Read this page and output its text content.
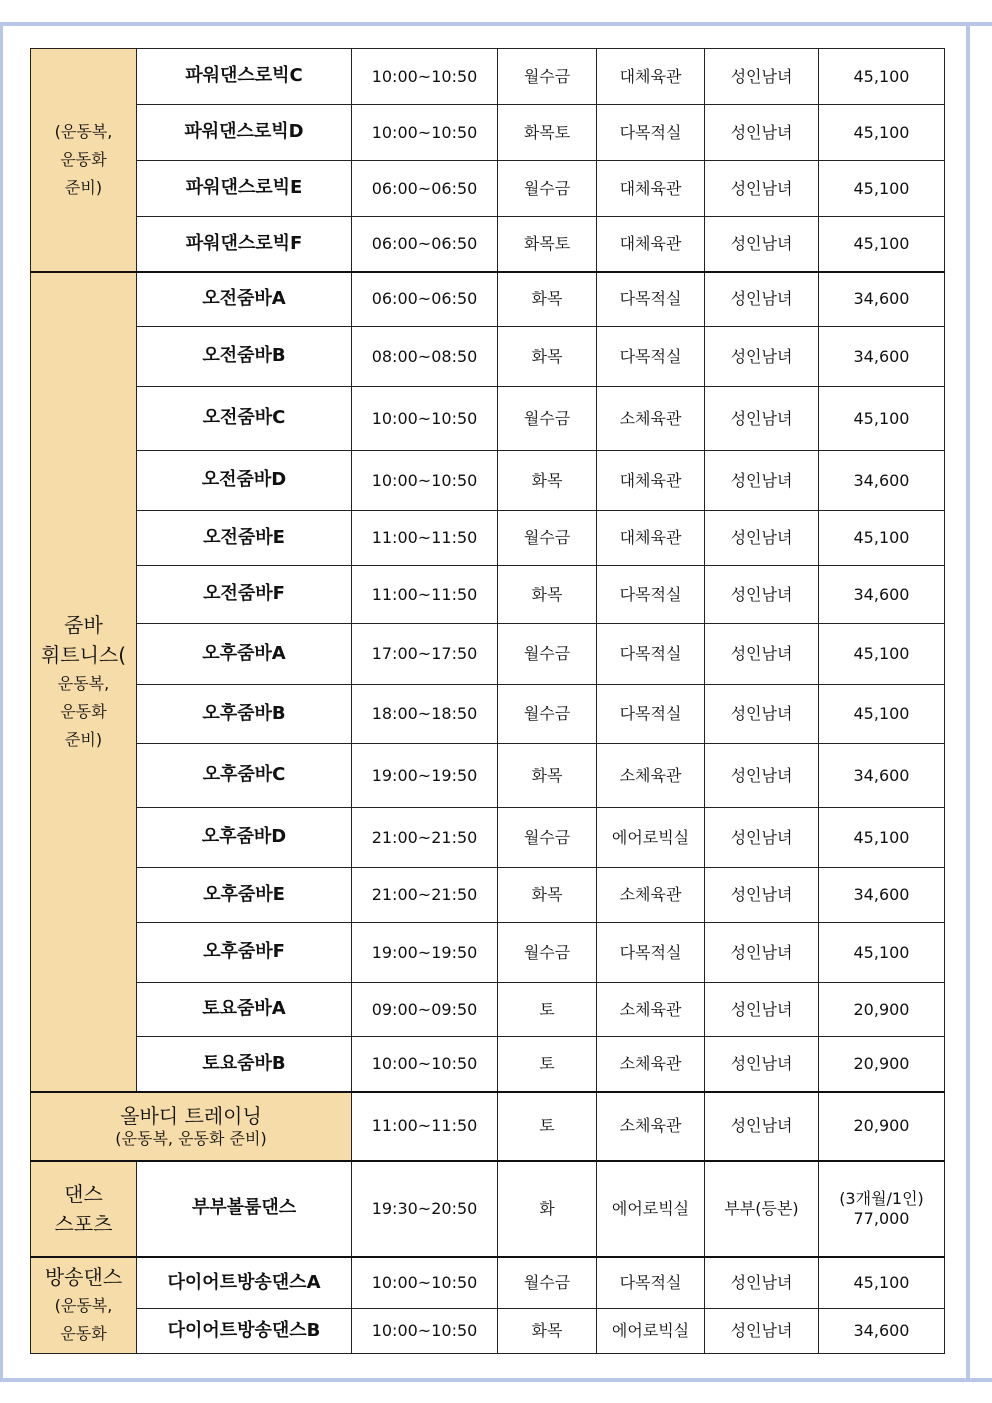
(운동복,
운동화
준비)	파워댄스로빅C	10:00~10:50	월수금	대체육관	성인남녀	45,100
	파워댄스로빅D	10:00~10:50	화목토	다목적실	성인남녀	45,100
	파워댄스로빅E	06:00~06:50	월수금	대체육관	성인남녀	45,100
	파워댄스로빅F	06:00~06:50	화목토	대체육관	성인남녀	45,100

줌바
휘트니스(
운동복,
운동화
준비)	오전줌바A	06:00~06:50	화목	다목적실	성인남녀	34,600
	오전줌바B	08:00~08:50	화목	다목적실	성인남녀	34,600
	오전줌바C	10:00~10:50	월수금	소체육관	성인남녀	45,100
	오전줌바D	10:00~10:50	화목	대체육관	성인남녀	34,600
	오전줌바E	11:00~11:50	월수금	대체육관	성인남녀	45,100
	오전줌바F	11:00~11:50	화목	다목적실	성인남녀	34,600
	오후줌바A	17:00~17:50	월수금	다목적실	성인남녀	45,100
	오후줌바B	18:00~18:50	월수금	다목적실	성인남녀	45,100
	오후줌바C	19:00~19:50	화목	소체육관	성인남녀	34,600
	오후줌바D	21:00~21:50	월수금	에어로빅실	성인남녀	45,100
	오후줌바E	21:00~21:50	화목	소체육관	성인남녀	34,600
	오후줌바F	19:00~19:50	월수금	다목적실	성인남녀	45,100
	토요줌바A	09:00~09:50	토	소체육관	성인남녀	20,900
	토요줌바B	10:00~10:50	토	소체육관	성인남녀	20,900

올바디 트레이닝
(운동복, 운동화 준비)		11:00~11:50	토	소체육관	성인남녀	20,900

댄스
스포츠	부부볼룸댄스	19:30~20:50	화	에어로빅실	부부(등본)	(3개월/1인)
77,000

방송댄스
(운동복,
운동화	다이어트방송댄스A	10:00~10:50	월수금	다목적실	성인남녀	45,100
	다이어트방송댄스B	10:00~10:50	화목	에어로빅실	성인남녀	34,600
